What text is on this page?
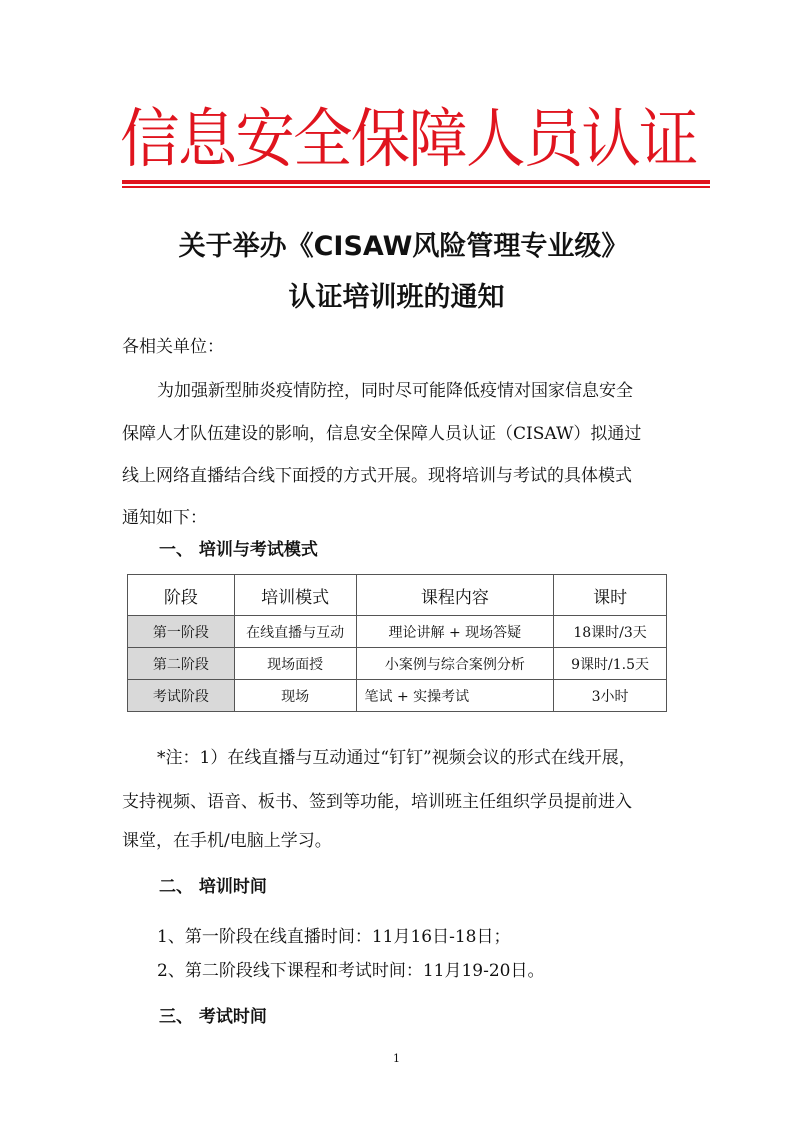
信息安全保障人员认证
关于举办《CISAW风险管理专业级》
认证培训班的通知
各相关单位：
为加强新型肺炎疫情防控，同时尽可能降低疫情对国家信息安全
保障人才队伍建设的影响，信息安全保障人员认证（CISAW）拟通过
线上网络直播结合线下面授的方式开展。现将培训与考试的具体模式
通知如下：
一、 培训与考试模式
阶段	培训模式	课程内容	课时
第一阶段	在线直播与互动	理论讲解 + 现场答疑	18课时/3天
第二阶段	现场面授	小案例与综合案例分析	9课时/1.5天
考试阶段	现场	笔试 + 实操考试	3小时
*注：1）在线直播与互动通过“钉钉”视频会议的形式在线开展，
支持视频、语音、板书、签到等功能，培训班主任组织学员提前进入
课堂，在手机/电脑上学习。
二、 培训时间
1、第一阶段在线直播时间：11月16日-18日；
2、第二阶段线下课程和考试时间：11月19-20日。
三、 考试时间
1
